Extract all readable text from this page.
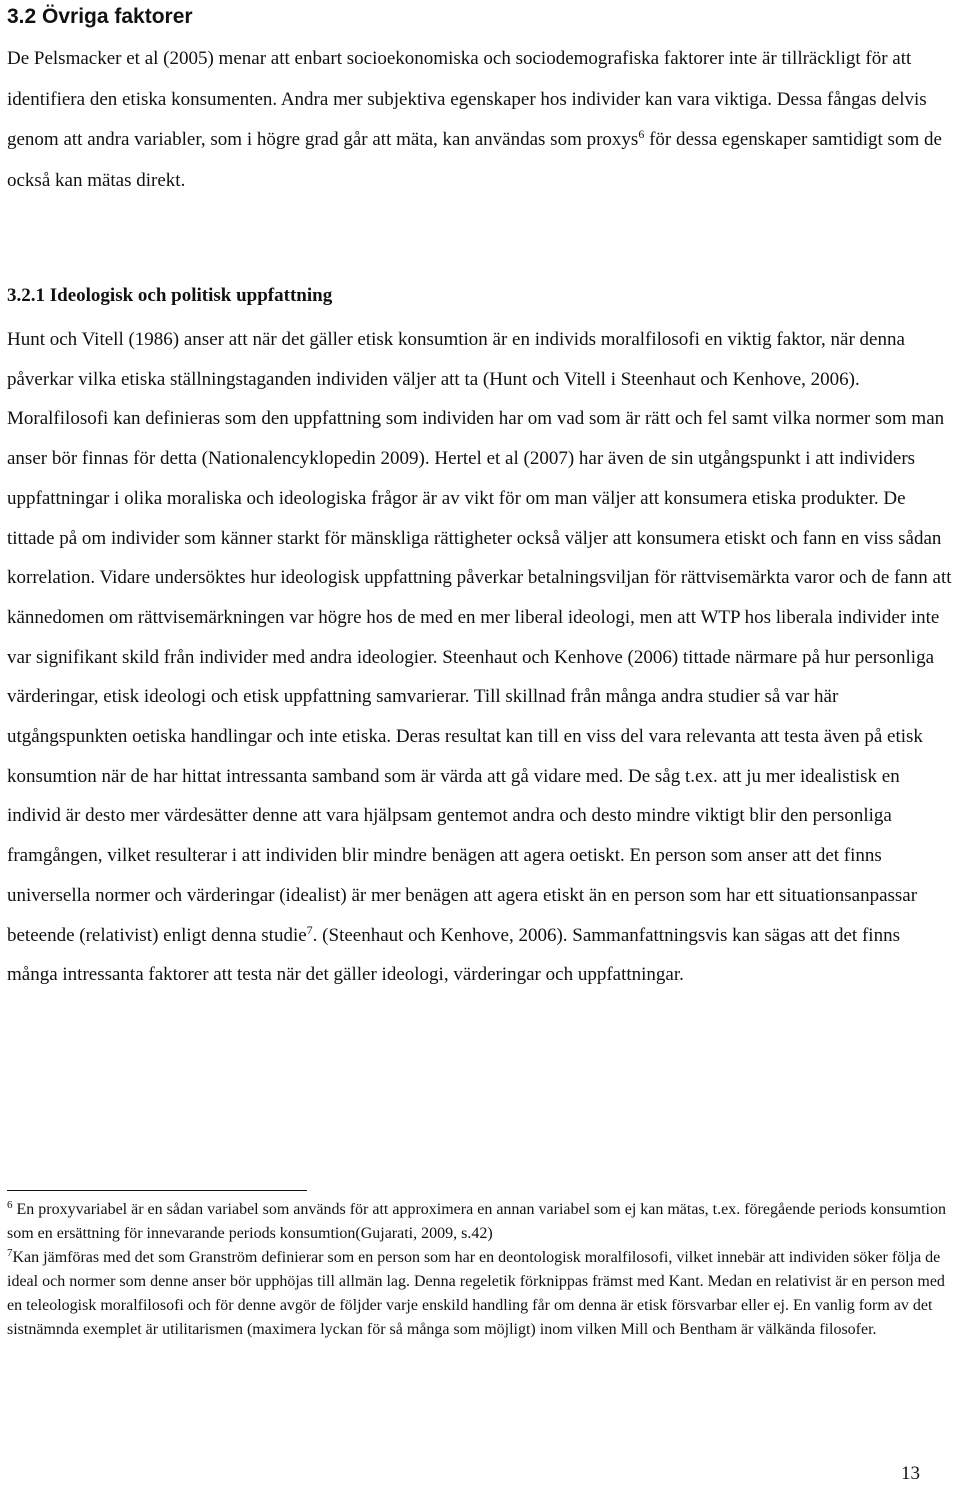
3.2 Övriga faktorer

De Pelsmacker et al (2005) menar att enbart socioekonomiska och sociodemografiska faktorer inte är tillräckligt för att identifiera den etiska konsumenten. Andra mer subjektiva egenskaper hos individer kan vara viktiga. Dessa fångas delvis genom att andra variabler, som i högre grad går att mäta, kan användas som proxys$^6$ för dessa egenskaper samtidigt som de också kan mätas direkt.

3.2.1 Ideologisk och politisk uppfattning

Hunt och Vitell (1986) anser att när det gäller etisk konsumtion är en individs moralfilosofi en viktig faktor, när denna påverkar vilka etiska ställningstaganden individen väljer att ta (Hunt och Vitell i Steenhaut och Kenhove, 2006). Moralfilosofi kan definieras som den uppfattning som individen har om vad som är rätt och fel samt vilka normer som man anser bör finnas för detta (Nationalencyklopedin 2009). Hertel et al (2007) har även de sin utgångspunkt i att individers uppfattningar i olika moraliska och ideologiska frågor är av vikt för om man väljer att konsumera etiska produkter. De tittade på om individer som känner starkt för mänskliga rättigheter också väljer att konsumera etiskt och fann en viss sådan korrelation. Vidare undersöktes hur ideologisk uppfattning påverkar betalningsviljan för rättvisemärkta varor och de fann att kännedomen om rättvisemärkningen var högre hos de med en mer liberal ideologi, men att WTP hos liberala individer inte var signifikant skild från individer med andra ideologier. Steenhaut och Kenhove (2006) tittade närmare på hur personliga värderingar, etisk ideologi och etisk uppfattning samvarierar. Till skillnad från många andra studier så var här utgångspunkten oetiska handlingar och inte etiska. Deras resultat kan till en viss del vara relevanta att testa även på etisk konsumtion när de har hittat intressanta samband som är värda att gå vidare med. De såg t.ex. att ju mer idealistisk en individ är desto mer värdesätter denne att vara hjälpsam gentemot andra och desto mindre viktigt blir den personliga framgången, vilket resulterar i att individen blir mindre benägen att agera oetiskt. En person som anser att det finns universella normer och värderingar (idealist) är mer benägen att agera etiskt än en person som har ett situationsanpassar beteende (relativist) enligt denna studie$^7$. (Steenhaut och Kenhove, 2006). Sammanfattningsvis kan sägas att det finns många intressanta faktorer att testa när det gäller ideologi, värderingar och uppfattningar.

$^6$ En proxyvariabel är en sådan variabel som används för att approximera en annan variabel som ej kan mätas, t.ex. föregående periods konsumtion som en ersättning för innevarande periods konsumtion(Gujarati, 2009, s.42)

$^7$Kan jämföras med det som Granström definierar som en person som har en deontologisk moralfilosofi, vilket innebär att individen söker följa de ideal och normer som denne anser bör upphöjas till allmän lag. Denna regeletik förknippas främst med Kant. Medan en relativist är en person med en teleologisk moralfilosofi och för denne avgör de följder varje enskild handling får om denna är etisk försvarbar eller ej. En vanlig form av det sistnämnda exemplet är utilitarismen (maximera lyckan för så många som möjligt) inom vilken Mill och Bentham är välkända filosofer.

13
